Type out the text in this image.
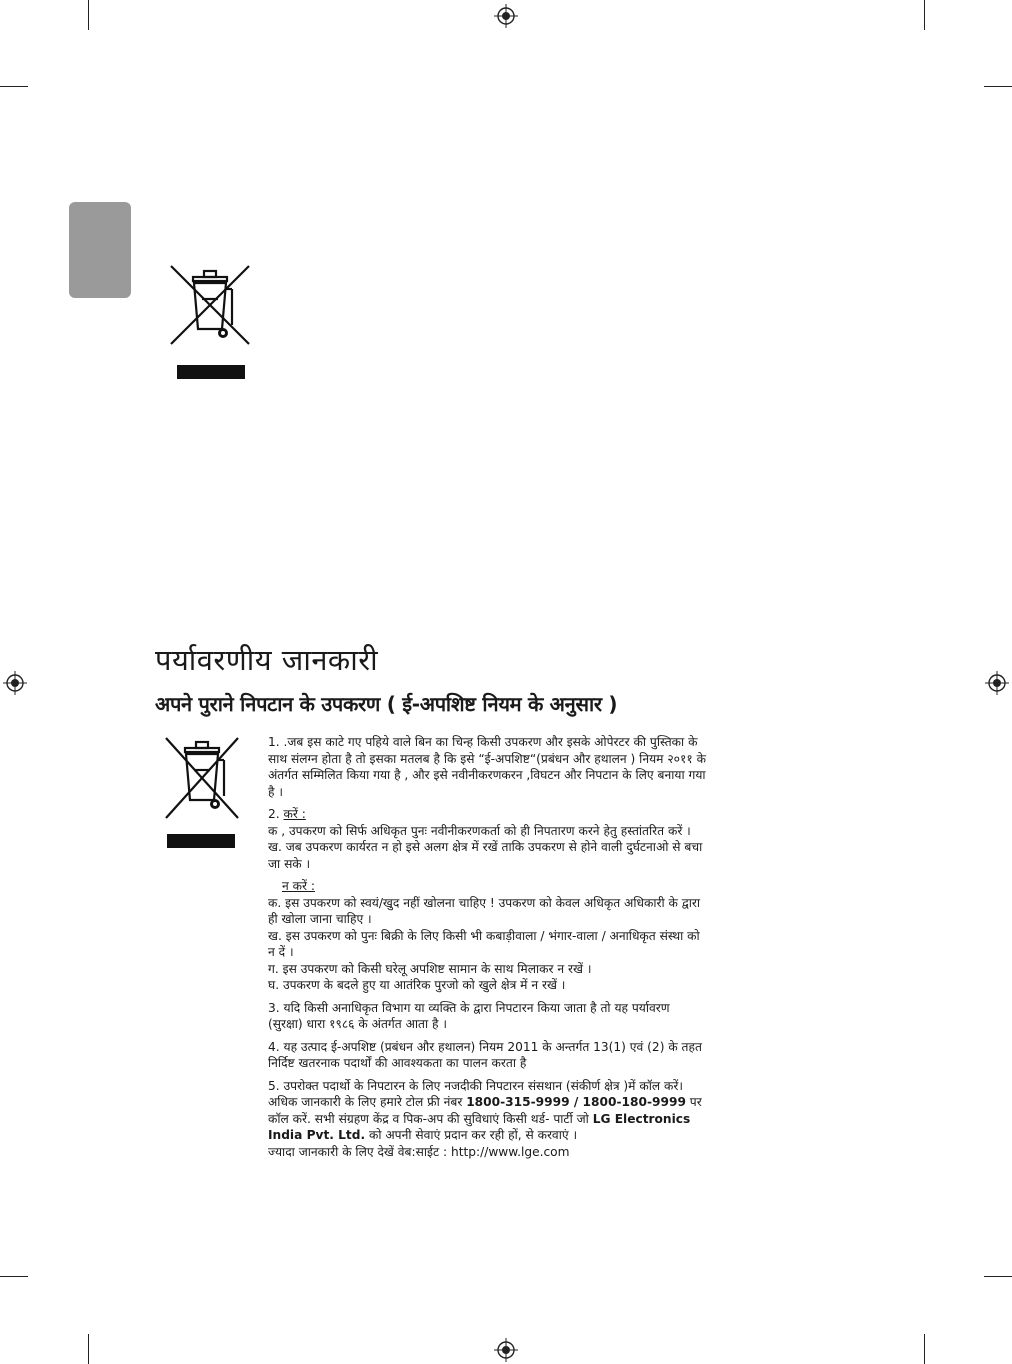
पर्यावरणीय जानकारी
अपने पुराने निपटान के उपकरण ( ई-अपशिष्ट नियम के अनुसार )

1. .जब इस काटे गए पहिये वाले बिन का चिन्ह किसी उपकरण और इसके ओपेरटर की पुस्तिका के साथ संलग्न होता है तो इसका मतलब है कि इसे “ई-अपशिष्ट“(प्रबंधन और हथालन ) नियम २०११ के अंतर्गत सम्मिलित किया गया है , और इसे नवीनीकरणकरन ,विघटन और निपटान के लिए बनाया गया है ।

2. करें :

क , उपकरण को सिर्फ अधिकृत पुनः नवीनीकरणकर्ता को ही निपतारण करने हेतु हस्तांतरित करें ।

ख. जब उपकरण कार्यरत न हो इसे अलग क्षेत्र में रखें ताकि उपकरण से होने वाली दुर्घटनाओ से बचा जा सके ।

न करें :

क. इस उपकरण को स्वयं/खुद नहीं खोलना चाहिए ! उपकरण को केवल अधिकृत अधिकारी के द्वारा ही खोला जाना चाहिए ।

ख. इस उपकरण को पुनः बिक्री के लिए किसी भी कबाड़ीवाला / भंगार-वाला / अनाधिकृत संस्था को न दें ।

ग. इस उपकरण को किसी घरेलू अपशिष्ट सामान के साथ मिलाकर न रखें ।

घ. उपकरण के बदले हुए या आतंरिक पुरजो को खुले क्षेत्र में न रखें ।

3. यदि किसी अनाधिकृत विभाग या व्यक्ति के द्वारा निपटारन किया जाता है तो यह पर्यावरण (सुरक्षा) धारा १९८६ के अंतर्गत आता है ।

4. यह उत्पाद ई-अपशिष्ट (प्रबंधन और हथालन) नियम 2011 के अन्तर्गत 13(1) एवं (2) के तहत निर्दिष्ट खतरनाक पदार्थों की आवश्यकता का पालन करता है

5. उपरोक्त पदार्थो के निपटारन के लिए नजदीकी निपटारन संसथान (संकीर्ण क्षेत्र )में कॉल करें। अधिक जानकारी के लिए हमारे टोल फ्री नंबर 1800-315-9999 / 1800-180-9999 पर कॉल करें. सभी संग्रहण केंद्र व पिक-अप की सुविधाएं किसी थर्ड- पार्टी जो LG Electronics India Pvt. Ltd. को अपनी सेवाएं प्रदान कर रही हों, से करवाएं ।

ज्यादा जानकारी के लिए देखें वेब:साईट : http://www.lge.com
